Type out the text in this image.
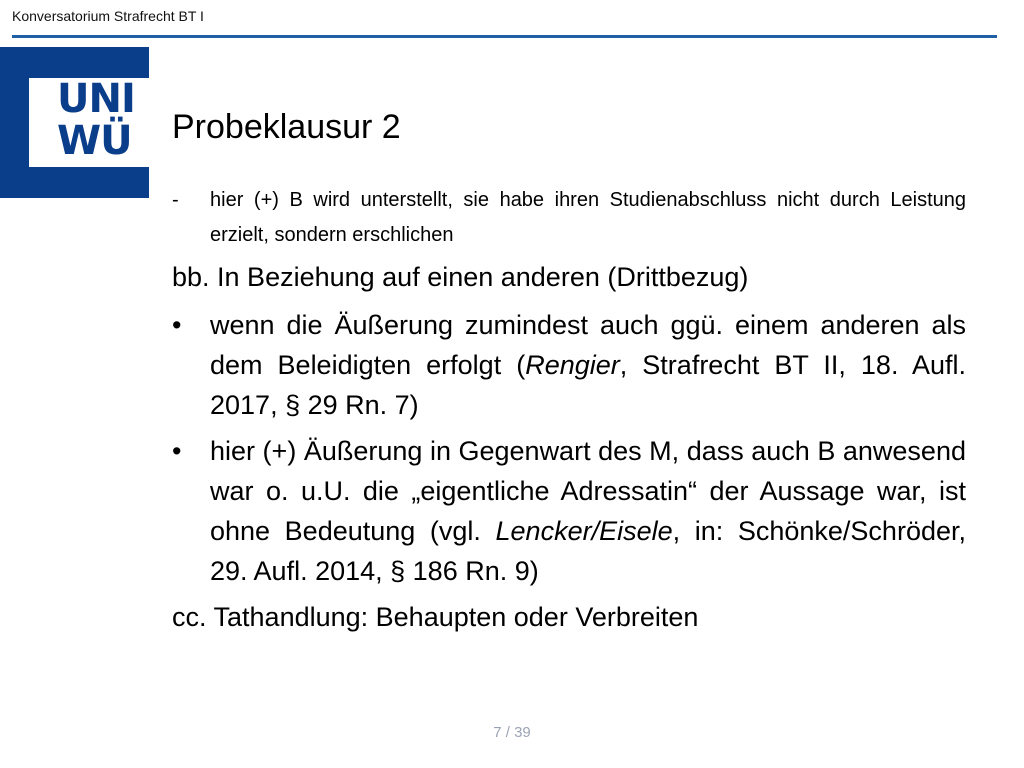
Konversatorium Strafrecht BT I
UNI
WÜ Probeklausur 2
- hier (+) B wird unterstellt, sie habe ihren Studienabschluss nicht durch Leistung erzielt, sondern erschlichen
bb. In Beziehung auf einen anderen (Drittbezug)
• wenn die Äußerung zumindest auch ggü. einem anderen als dem Beleidigten erfolgt (Rengier, Strafrecht BT II, 18. Aufl. 2017, § 29 Rn. 7)
• hier (+) Äußerung in Gegenwart des M, dass auch B anwesend war o. u.U. die „eigentliche Adressatin“ der Aussage war, ist ohne Bedeutung (vgl. Lencker/Eisele, in: Schönke/Schröder, 29. Aufl. 2014, § 186 Rn. 9)
cc. Tathandlung: Behaupten oder Verbreiten
7 / 39
